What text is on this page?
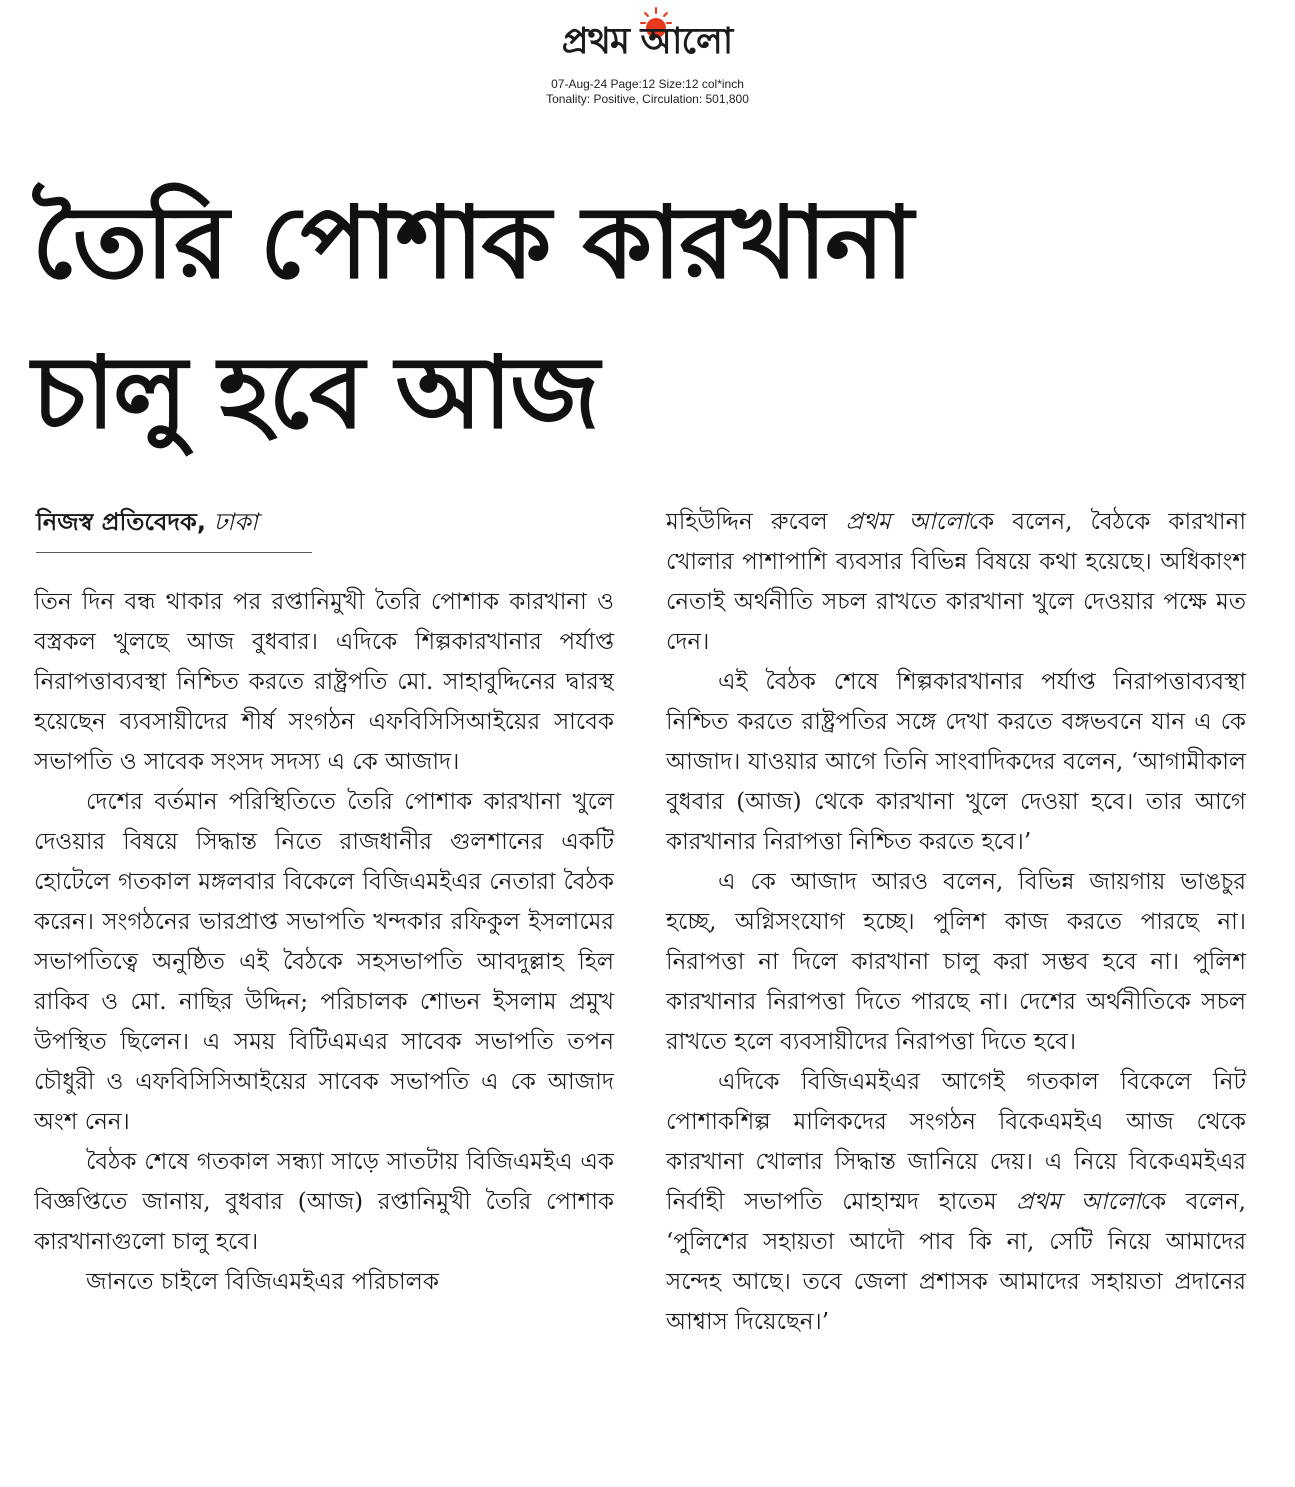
প্রথম আলো
07-Aug-24 Page:12 Size:12 col*inch
Tonality: Positive, Circulation: 501,800
তৈরি পোশাক কারখানা
চালু হবে আজ
নিজস্ব প্রতিবেদক, ঢাকা

তিন দিন বন্ধ থাকার পর রপ্তানিমুখী তৈরি পোশাক কারখানা ও বস্ত্রকল খুলছে আজ বুধবার। এদিকে শিল্পকারখানার পর্যাপ্ত নিরাপত্তাব্যবস্থা নিশ্চিত করতে রাষ্ট্রপতি মো. সাহাবুদ্দিনের দ্বারস্থ হয়েছেন ব্যবসায়ীদের শীর্ষ সংগঠন এফবিসিসিআইয়ের সাবেক সভাপতি ও সাবেক সংসদ সদস্য এ কে আজাদ।

দেশের বর্তমান পরিস্থিতিতে তৈরি পোশাক কারখানা খুলে দেওয়ার বিষয়ে সিদ্ধান্ত নিতে রাজধানীর গুলশানের একটি হোটেলে গতকাল মঙ্গলবার বিকেলে বিজিএমইএর নেতারা বৈঠক করেন। সংগঠনের ভারপ্রাপ্ত সভাপতি খন্দকার রফিকুল ইসলামের সভাপতিত্বে অনুষ্ঠিত এই বৈঠকে সহসভাপতি আবদুল্লাহ হিল রাকিব ও মো. নাছির উদ্দিন; পরিচালক শোভন ইসলাম প্রমুখ উপস্থিত ছিলেন। এ সময় বিটিএমএর সাবেক সভাপতি তপন চৌধুরী ও এফবিসিসিআইয়ের সাবেক সভাপতি এ কে আজাদ অংশ নেন।

বৈঠক শেষে গতকাল সন্ধ্যা সাড়ে সাতটায় বিজিএমইএ এক বিজ্ঞপ্তিতে জানায়, বুধবার (আজ) রপ্তানিমুখী তৈরি পোশাক কারখানাগুলো চালু হবে।

জানতে চাইলে বিজিএমইএর পরিচালক

মহিউদ্দিন রুবেল প্রথম আলোকে বলেন, বৈঠকে কারখানা খোলার পাশাপাশি ব্যবসার বিভিন্ন বিষয়ে কথা হয়েছে। অধিকাংশ নেতাই অর্থনীতি সচল রাখতে কারখানা খুলে দেওয়ার পক্ষে মত দেন।

এই বৈঠক শেষে শিল্পকারখানার পর্যাপ্ত নিরাপত্তাব্যবস্থা নিশ্চিত করতে রাষ্ট্রপতির সঙ্গে দেখা করতে বঙ্গভবনে যান এ কে আজাদ। যাওয়ার আগে তিনি সাংবাদিকদের বলেন, ‘আগামীকাল বুধবার (আজ) থেকে কারখানা খুলে দেওয়া হবে। তার আগে কারখানার নিরাপত্তা নিশ্চিত করতে হবে।’

এ কে আজাদ আরও বলেন, বিভিন্ন জায়গায় ভাঙচুর হচ্ছে, অগ্নিসংযোগ হচ্ছে। পুলিশ কাজ করতে পারছে না। নিরাপত্তা না দিলে কারখানা চালু করা সম্ভব হবে না। পুলিশ কারখানার নিরাপত্তা দিতে পারছে না। দেশের অর্থনীতিকে সচল রাখতে হলে ব্যবসায়ীদের নিরাপত্তা দিতে হবে।

এদিকে বিজিএমইএর আগেই গতকাল বিকেলে নিট পোশাকশিল্প মালিকদের সংগঠন বিকেএমইএ আজ থেকে কারখানা খোলার সিদ্ধান্ত জানিয়ে দেয়। এ নিয়ে বিকেএমইএর নির্বাহী সভাপতি মোহাম্মদ হাতেম প্রথম আলোকে বলেন, ‘পুলিশের সহায়তা আদৌ পাব কি না, সেটি নিয়ে আমাদের সন্দেহ আছে। তবে জেলা প্রশাসক আমাদের সহায়তা প্রদানের আশ্বাস দিয়েছেন।’
